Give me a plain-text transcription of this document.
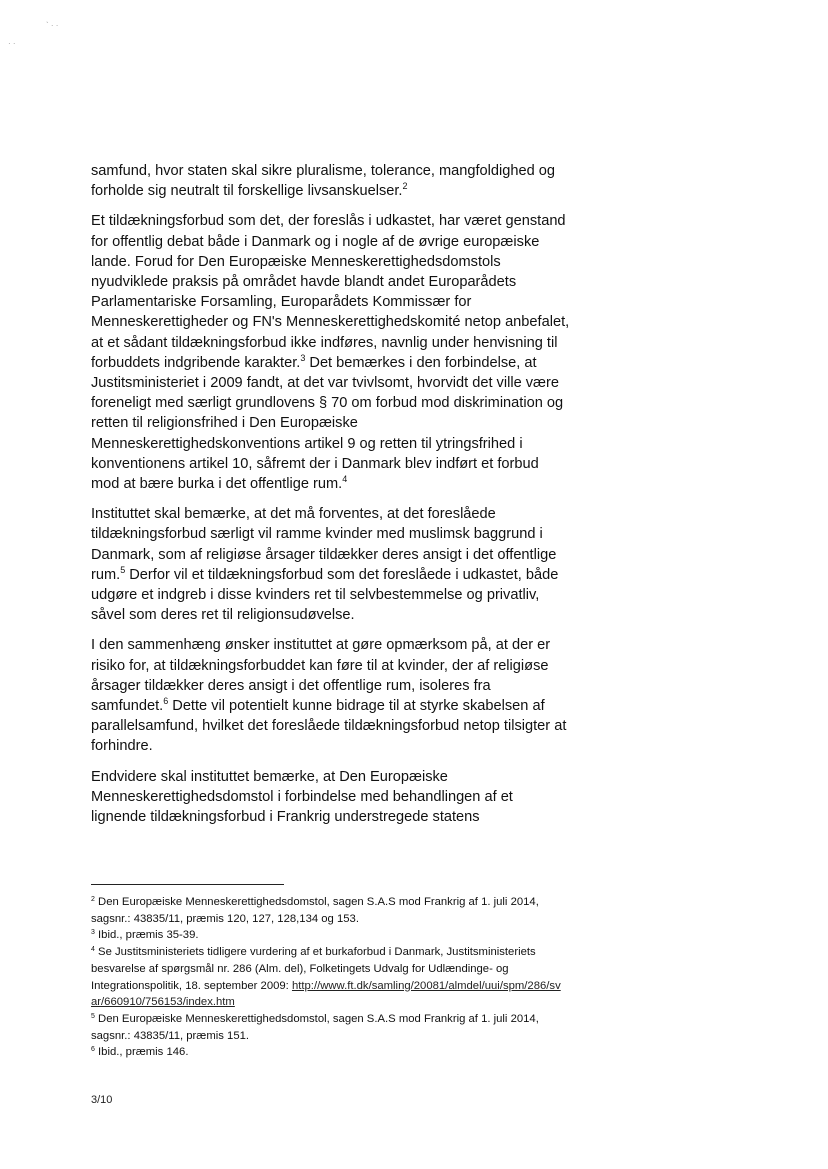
· ·
` · ·

samfund, hvor staten skal sikre pluralisme, tolerance, mangfoldighed og forholde sig neutralt til forskellige livsanskuelser.$^2$

Et tildækningsforbud som det, der foreslås i udkastet, har været genstand for offentlig debat både i Danmark og i nogle af de øvrige europæiske lande. Forud for Den Europæiske Menneskerettighedsdomstols nyudviklede praksis på området havde blandt andet Europarådets Parlamentariske Forsamling, Europarådets Kommissær for Menneskerettigheder og FN's Menneskerettighedskomité netop anbefalet, at et sådant tildækningsforbud ikke indføres, navnlig under henvisning til forbuddets indgribende karakter.$^3$ Det bemærkes i den forbindelse, at Justitsministeriet i 2009 fandt, at det var tvivlsomt, hvorvidt det ville være foreneligt med særligt grundlovens § 70 om forbud mod diskrimination og retten til religionsfrihed i Den Europæiske Menneskerettighedskonventions artikel 9 og retten til ytringsfrihed i konventionens artikel 10, såfremt der i Danmark blev indført et forbud mod at bære burka i det offentlige rum.$^4$

Instituttet skal bemærke, at det må forventes, at det foreslåede tildækningsforbud særligt vil ramme kvinder med muslimsk baggrund i Danmark, som af religiøse årsager tildækker deres ansigt i det offentlige rum.$^5$ Derfor vil et tildækningsforbud som det foreslåede i udkastet, både udgøre et indgreb i disse kvinders ret til selvbestemmelse og privatliv, såvel som deres ret til religionsudøvelse.

I den sammenhæng ønsker instituttet at gøre opmærksom på, at der er risiko for, at tildækningsforbuddet kan føre til at kvinder, der af religiøse årsager tildækker deres ansigt i det offentlige rum, isoleres fra samfundet.$^6$ Dette vil potentielt kunne bidrage til at styrke skabelsen af parallelsamfund, hvilket det foreslåede tildækningsforbud netop tilsigter at forhindre.

Endvidere skal instituttet bemærke, at Den Europæiske Menneskerettighedsdomstol i forbindelse med behandlingen af et lignende tildækningsforbud i Frankrig understregede statens

$^2$ Den Europæiske Menneskerettighedsdomstol, sagen S.A.S mod Frankrig af 1. juli 2014, sagsnr.: 43835/11, præmis 120, 127, 128,134 og 153.

$^3$ Ibid., præmis 35-39.

$^4$ Se Justitsministeriets tidligere vurdering af et burkaforbud i Danmark, Justitsministeriets besvarelse af spørgsmål nr. 286 (Alm. del), Folketingets Udvalg for Udlændinge- og Integrationspolitik, 18. september 2009: http://www.ft.dk/samling/20081/almdel/uui/spm/286/svar/660910/756153/index.htm

$^5$ Den Europæiske Menneskerettighedsdomstol, sagen S.A.S mod Frankrig af 1. juli 2014, sagsnr.: 43835/11, præmis 151.

$^6$ Ibid., præmis 146.

3/10
